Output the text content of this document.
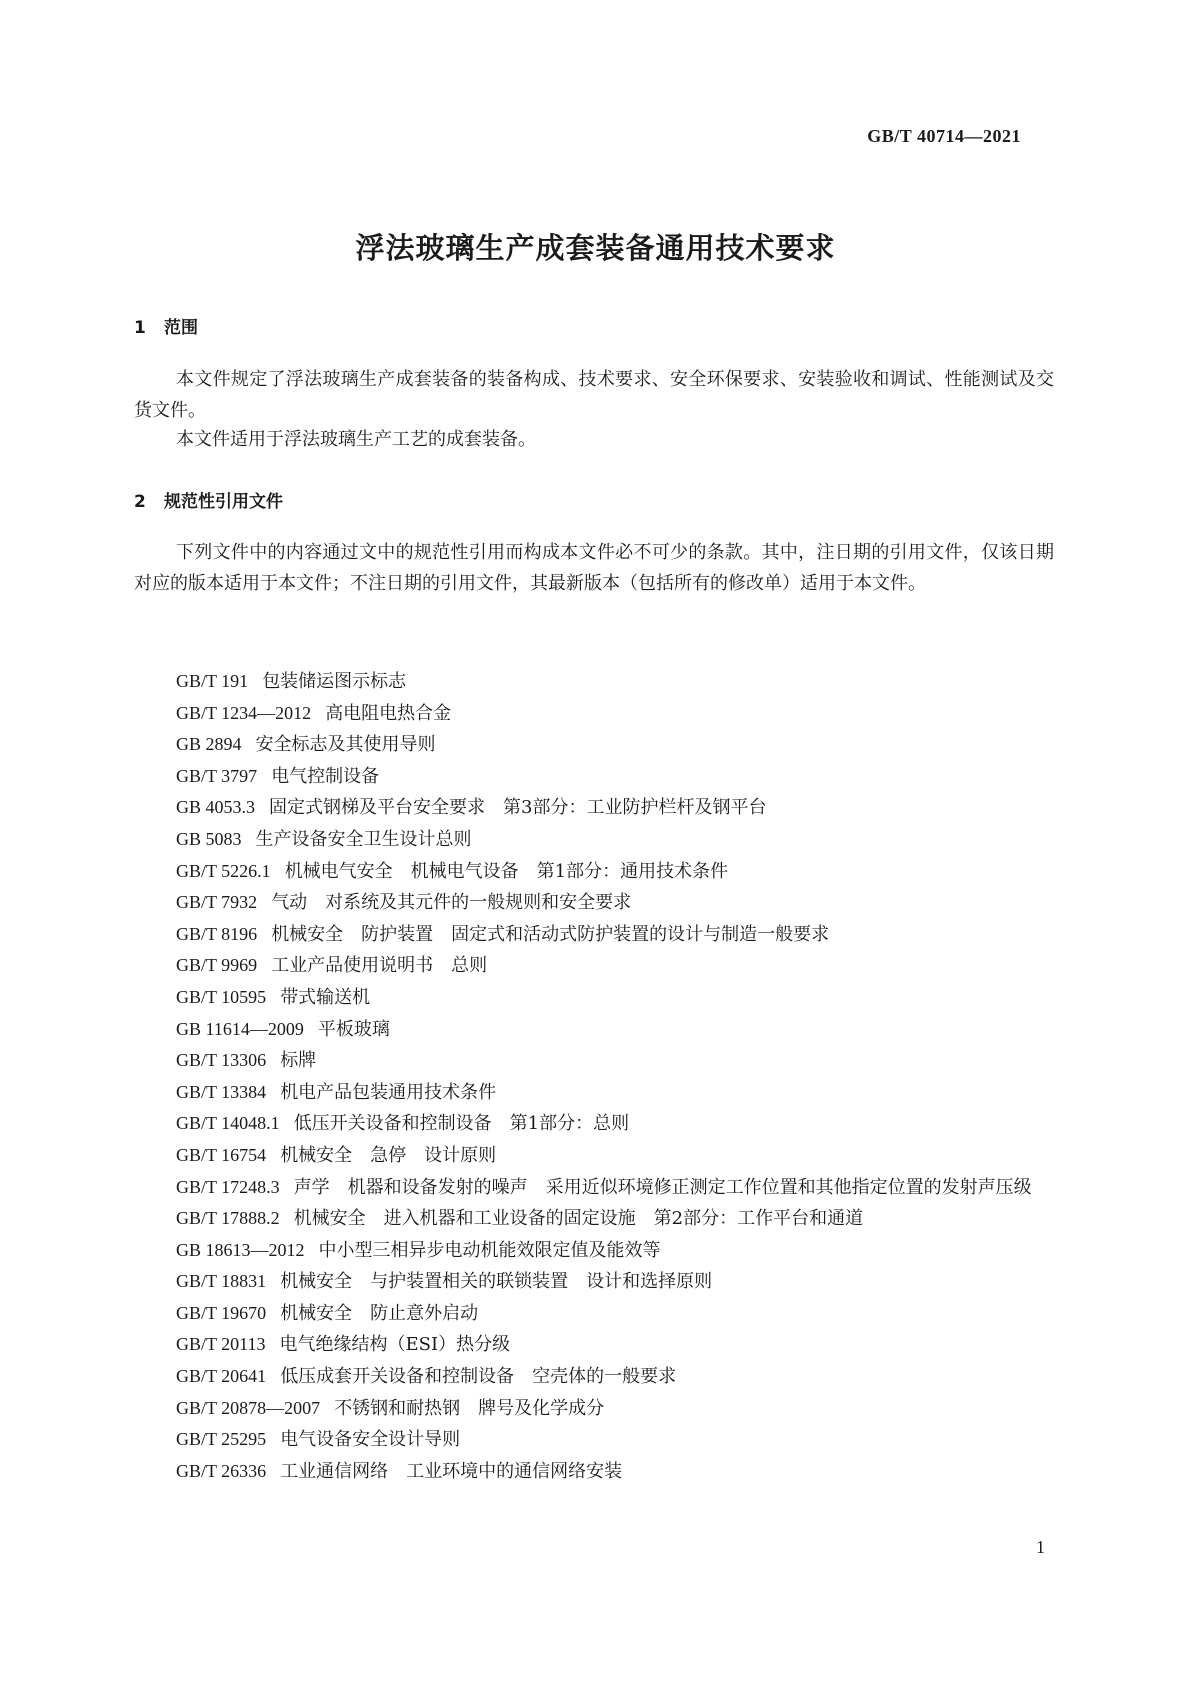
GB/T 40714—2021
浮法玻璃生产成套装备通用技术要求
1 范围
本文件规定了浮法玻璃生产成套装备的装备构成、技术要求、安全环保要求、安装验收和调试、性能测试及交货文件。
本文件适用于浮法玻璃生产工艺的成套装备。
2 规范性引用文件
下列文件中的内容通过文中的规范性引用而构成本文件必不可少的条款。其中，注日期的引用文件，仅该日期对应的版本适用于本文件；不注日期的引用文件，其最新版本（包括所有的修改单）适用于本文件。
GB/T 191 包装储运图示标志
GB/T 1234—2012 高电阻电热合金
GB 2894 安全标志及其使用导则
GB/T 3797 电气控制设备
GB 4053.3 固定式钢梯及平台安全要求　第3部分：工业防护栏杆及钢平台
GB 5083 生产设备安全卫生设计总则
GB/T 5226.1 机械电气安全　机械电气设备　第1部分：通用技术条件
GB/T 7932 气动　对系统及其元件的一般规则和安全要求
GB/T 8196 机械安全　防护装置　固定式和活动式防护装置的设计与制造一般要求
GB/T 9969 工业产品使用说明书　总则
GB/T 10595 带式输送机
GB 11614—2009 平板玻璃
GB/T 13306 标牌
GB/T 13384 机电产品包装通用技术条件
GB/T 14048.1 低压开关设备和控制设备　第1部分：总则
GB/T 16754 机械安全　急停　设计原则
GB/T 17248.3 声学　机器和设备发射的噪声　采用近似环境修正测定工作位置和其他指定位置的发射声压级
GB/T 17888.2 机械安全　进入机器和工业设备的固定设施　第2部分：工作平台和通道
GB 18613—2012 中小型三相异步电动机能效限定值及能效等
GB/T 18831 机械安全　与护装置相关的联锁装置　设计和选择原则
GB/T 19670 机械安全　防止意外启动
GB/T 20113 电气绝缘结构（ESI）热分级
GB/T 20641 低压成套开关设备和控制设备　空壳体的一般要求
GB/T 20878—2007 不锈钢和耐热钢　牌号及化学成分
GB/T 25295 电气设备安全设计导则
GB/T 26336 工业通信网络　工业环境中的通信网络安装
1
